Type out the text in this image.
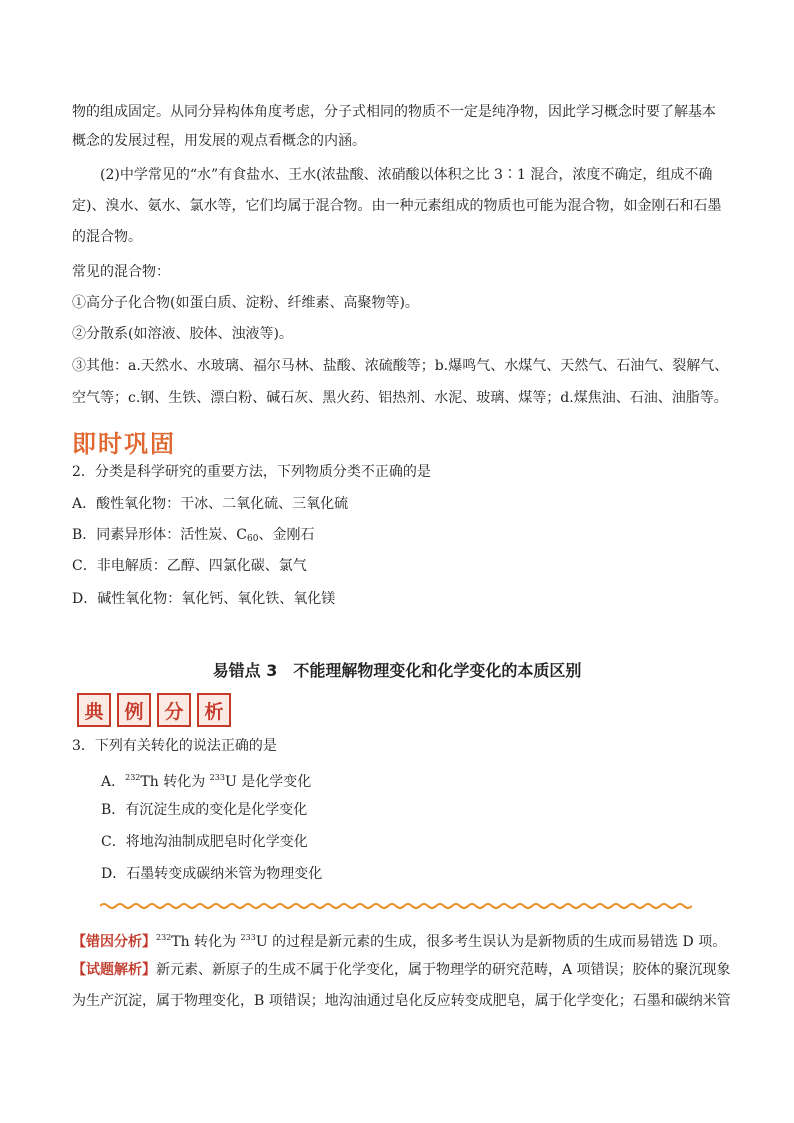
物的组成固定。从同分异构体角度考虑，分子式相同的物质不一定是纯净物，因此学习概念时要了解基本
概念的发展过程，用发展的观点看概念的内涵。
(2)中学常见的“水”有食盐水、王水(浓盐酸、浓硝酸以体积之比 3∶1 混合，浓度不确定，组成不确
定)、溴水、氨水、氯水等，它们均属于混合物。由一种元素组成的物质也可能为混合物，如金刚石和石墨
的混合物。
常见的混合物：
①高分子化合物(如蛋白质、淀粉、纤维素、高聚物等)。
②分散系(如溶液、胶体、浊液等)。
③其他：a.天然水、水玻璃、福尔马林、盐酸、浓硫酸等；b.爆鸣气、水煤气、天然气、石油气、裂解气、
空气等；c.钢、生铁、漂白粉、碱石灰、黑火药、铝热剂、水泥、玻璃、煤等；d.煤焦油、石油、油脂等。
即时巩固
2．分类是科学研究的重要方法，下列物质分类不正确的是
A．酸性氧化物：干冰、二氧化硫、三氧化硫
B．同素异形体：活性炭、$C_{60}$、金刚石
C．非电解质：乙醇、四氯化碳、氯气
D．碱性氧化物：氧化钙、氧化铁、氧化镁
易错点 3　不能理解物理变化和化学变化的本质区别
典	例	分	析
3．下列有关转化的说法正确的是
A．$^{232}$Th 转化为 $^{233}$U 是化学变化
B．有沉淀生成的变化是化学变化
C．将地沟油制成肥皂时化学变化
D．石墨转变成碳纳米管为物理变化
【错因分析】$^{232}$Th 转化为 $^{233}$U 的过程是新元素的生成，很多考生误认为是新物质的生成而易错选 D 项。
【试题解析】新元素、新原子的生成不属于化学变化，属于物理学的研究范畴，A 项错误；胶体的聚沉现象
为生产沉淀，属于物理变化，B 项错误；地沟油通过皂化反应转变成肥皂，属于化学变化；石墨和碳纳米管
